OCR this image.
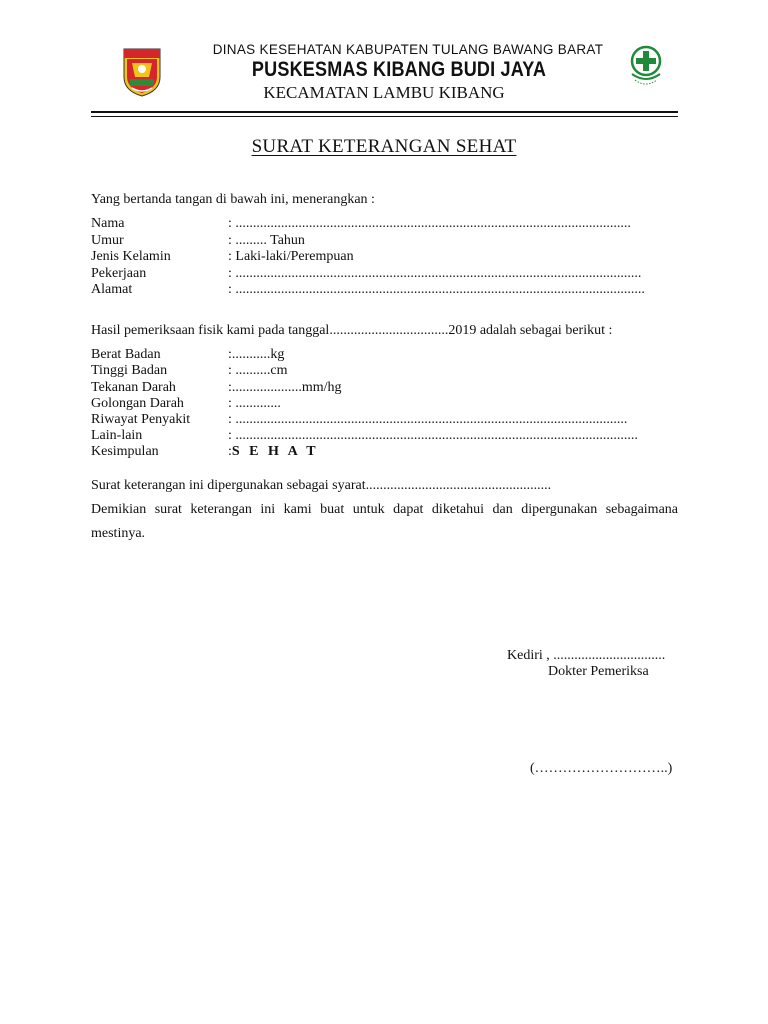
DINAS KESEHATAN KABUPATEN TULANG BAWANG BARAT
PUSKESMAS KIBANG BUDI JAYA
KECAMATAN LAMBU KIBANG
SURAT KETERANGAN SEHAT
Yang bertanda tangan di bawah ini, menerangkan :
Nama	: .................................................................................................................
Umur	: ......... Tahun
Jenis Kelamin	: Laki-laki/Perempuan
Pekerjaan	: ....................................................................................................................
Alamat	: .....................................................................................................................
Hasil pemeriksaan fisik kami pada tanggal..................................2019 adalah sebagai berikut :
Berat Badan	:...........kg
Tinggi Badan	: ..........cm
Tekanan Darah	:....................mm/hg
Golongan Darah	: .............
Riwayat Penyakit	: ................................................................................................................
Lain-lain	: ...................................................................................................................
Kesimpulan	:S E H A T
Surat keterangan ini dipergunakan sebagai syarat.....................................................
Demikian surat keterangan ini kami buat untuk dapat diketahui dan dipergunakan sebagaimana
mestinya.
Kediri , ................................
Dokter Pemeriksa
(………………………..)
